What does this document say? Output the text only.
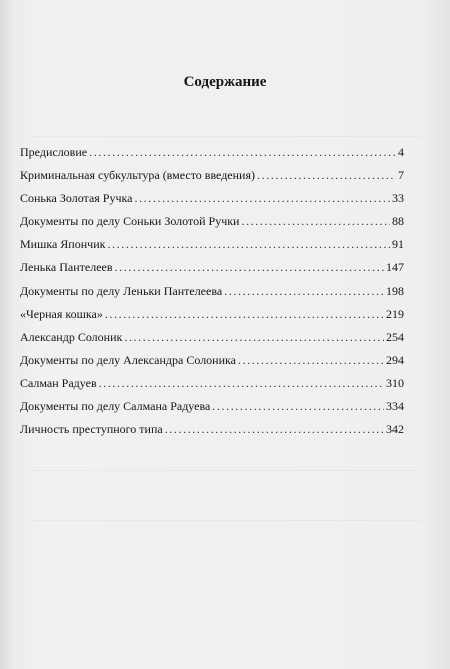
Содержание
Предисловие .....	4
Криминальная субкультура (вместо введения) .....	7
Сонька Золотая Ручка .....	33
Документы по делу Соньки Золотой Ручки .....	88
Мишка Япончик .....	91
Ленька Пантелеев .....	147
Документы по делу Леньки Пантелеева .....	198
«Черная кошка» .....	219
Александр Солоник .....	254
Документы по делу Александра Солоника .....	294
Салман Радуев .....	310
Документы по делу Салмана Радуева .....	334
Личность преступного типа .....	342
